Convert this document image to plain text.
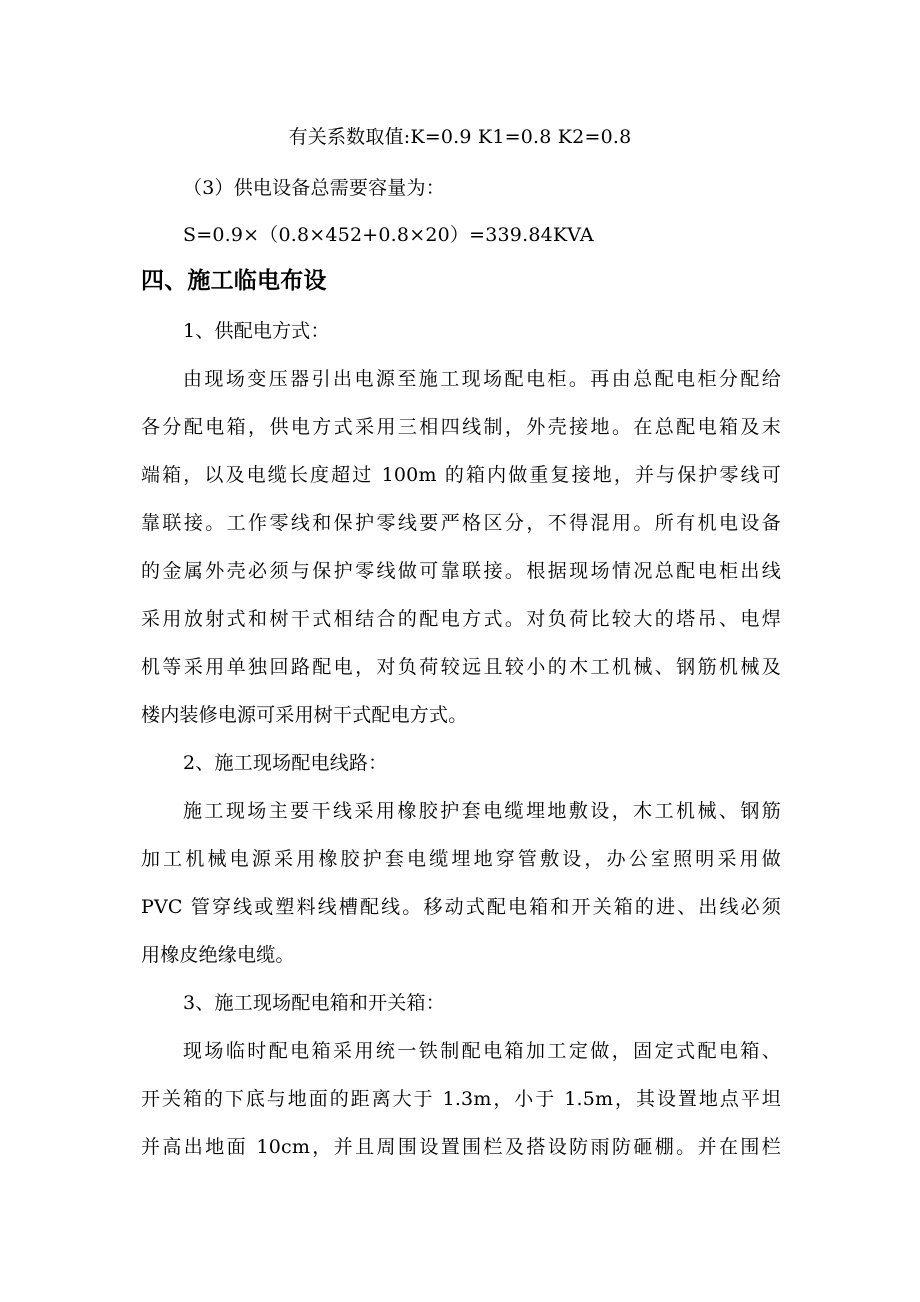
有关系数取值:K=0.9 K1=0.8 K2=0.8
（3）供电设备总需要容量为：
S=0.9×（0.8×452+0.8×20）=339.84KVA
四、施工临电布设
1、供配电方式：
由现场变压器引出电源至施工现场配电柜。再由总配电柜分配给
各分配电箱，供电方式采用三相四线制，外壳接地。在总配电箱及末
端箱，以及电缆长度超过 100m 的箱内做重复接地，并与保护零线可
靠联接。工作零线和保护零线要严格区分，不得混用。所有机电设备
的金属外壳必须与保护零线做可靠联接。根据现场情况总配电柜出线
采用放射式和树干式相结合的配电方式。对负荷比较大的塔吊、电焊
机等采用单独回路配电，对负荷较远且较小的木工机械、钢筋机械及
楼内装修电源可采用树干式配电方式。
2、施工现场配电线路：
施工现场主要干线采用橡胶护套电缆埋地敷设，木工机械、钢筋
加工机械电源采用橡胶护套电缆埋地穿管敷设，办公室照明采用做
PVC 管穿线或塑料线槽配线。移动式配电箱和开关箱的进、出线必须
用橡皮绝缘电缆。
3、施工现场配电箱和开关箱：
现场临时配电箱采用统一铁制配电箱加工定做，固定式配电箱、
开关箱的下底与地面的距离大于 1.3m，小于 1.5m，其设置地点平坦
并高出地面 10cm，并且周围设置围栏及搭设防雨防砸棚。并在围栏
